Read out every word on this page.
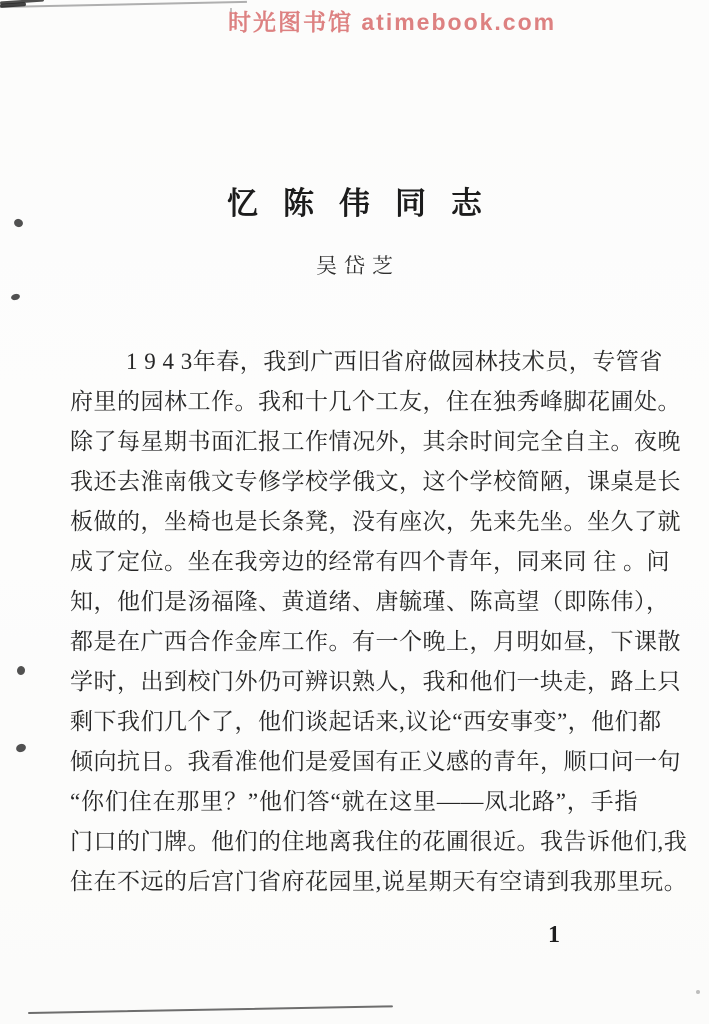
时光图书馆 atimebook.com
忆陈伟同志
吴岱芝
1 9 4 3年春，我到广西旧省府做园林技术员，专管省
府里的园林工作。我和十几个工友，住在独秀峰脚花圃处。
除了每星期书面汇报工作情况外，其余时间完全自主。夜晚
我还去淮南俄文专修学校学俄文，这个学校简陋，课桌是长
板做的，坐椅也是长条凳，没有座次，先来先坐。坐久了就
成了定位。坐在我旁边的经常有四个青年，同来同 往 。问
知，他们是汤福隆、黄道绪、唐毓瑾、陈高望（即陈伟），
都是在广西合作金库工作。有一个晚上，月明如昼，下课散
学时，出到校门外仍可辨识熟人，我和他们一块走，路上只
剩下我们几个了，他们谈起话来,议论“西安事变”，他们都
倾向抗日。我看准他们是爱国有正义感的青年，顺口问一句
“你们住在那里？”他们答“就在这里——凤北路”，手指
门口的门牌。他们的住地离我住的花圃很近。我告诉他们,我
住在不远的后宫门省府花园里,说星期天有空请到我那里玩。
1
